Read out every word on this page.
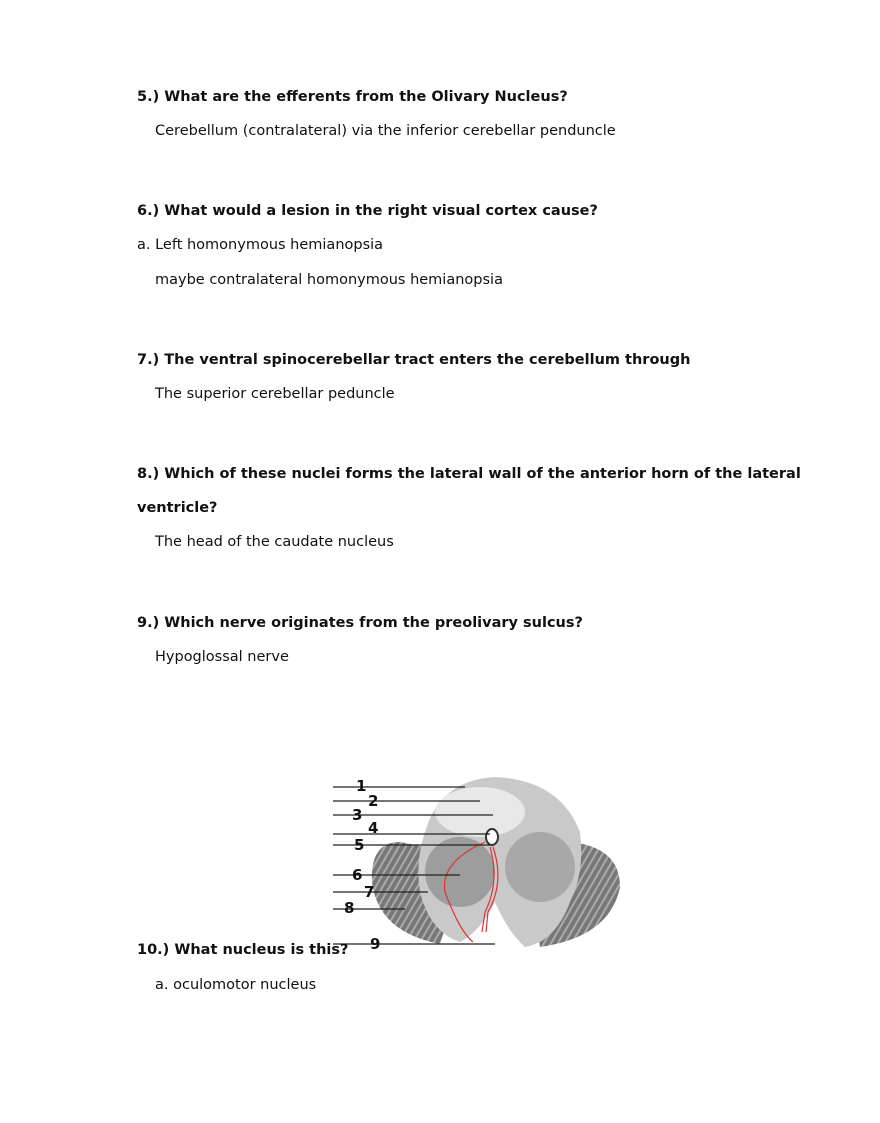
5.) What are the efferents from the Olivary Nucleus?
Cerebellum (contralateral) via the inferior cerebellar penduncle
6.) What would a lesion in the right visual cortex cause?
a. Left homonymous hemianopsia
maybe contralateral homonymous hemianopsia
7.) The ventral spinocerebellar tract enters the cerebellum through
The superior cerebellar peduncle
8.) Which of these nuclei forms the lateral wall of the anterior horn of the lateral
ventricle?
The head of the caudate nucleus
9.) Which nerve originates from the preolivary sulcus?
Hypoglossal nerve
1
2
3
4
5
6
7
8
9
10.) What nucleus is this?
a. oculomotor nucleus
